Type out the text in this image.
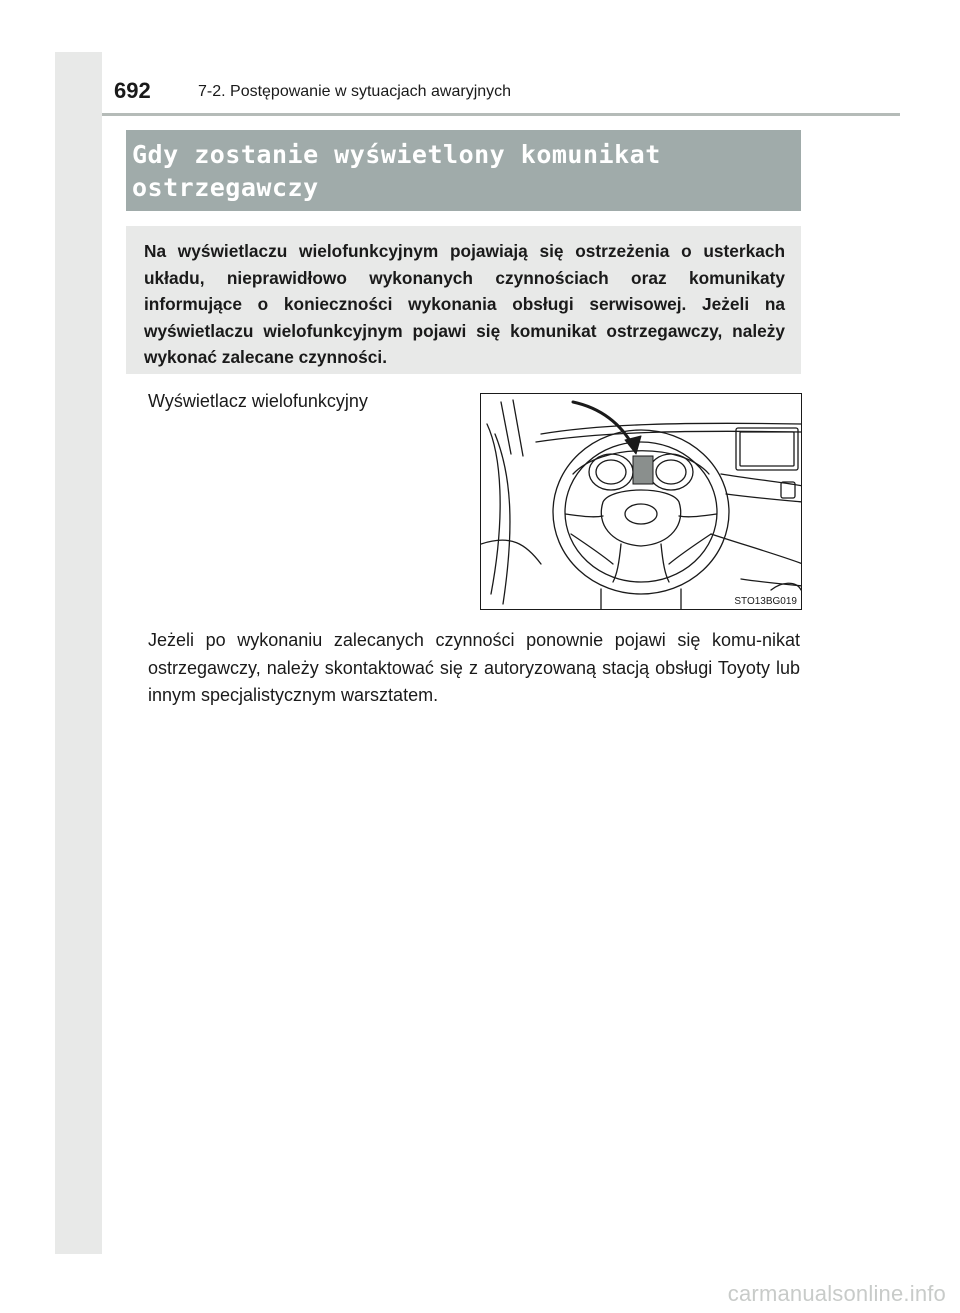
692	7-2. Postępowanie w sytuacjach awaryjnych
Gdy zostanie wyświetlony komunikat
ostrzegawczy

Na wyświetlaczu wielofunkcyjnym pojawiają się ostrzeżenia o usterkach układu, nieprawidłowo wykonanych czynnościach oraz komunikaty informujące o konieczności wykonania obsługi serwisowej. Jeżeli na wyświetlaczu wielofunkcyjnym pojawi się komunikat ostrzegawczy, należy wykonać zalecane czynności.

Wyświetlacz wielofunkcyjny
STO13BG019

Jeżeli po wykonaniu zalecanych czynności ponownie pojawi się komu-nikat ostrzegawczy, należy skontaktować się z autoryzowaną stacją obsługi Toyoty lub innym specjalistycznym warsztatem.

carmanualsonline.info
